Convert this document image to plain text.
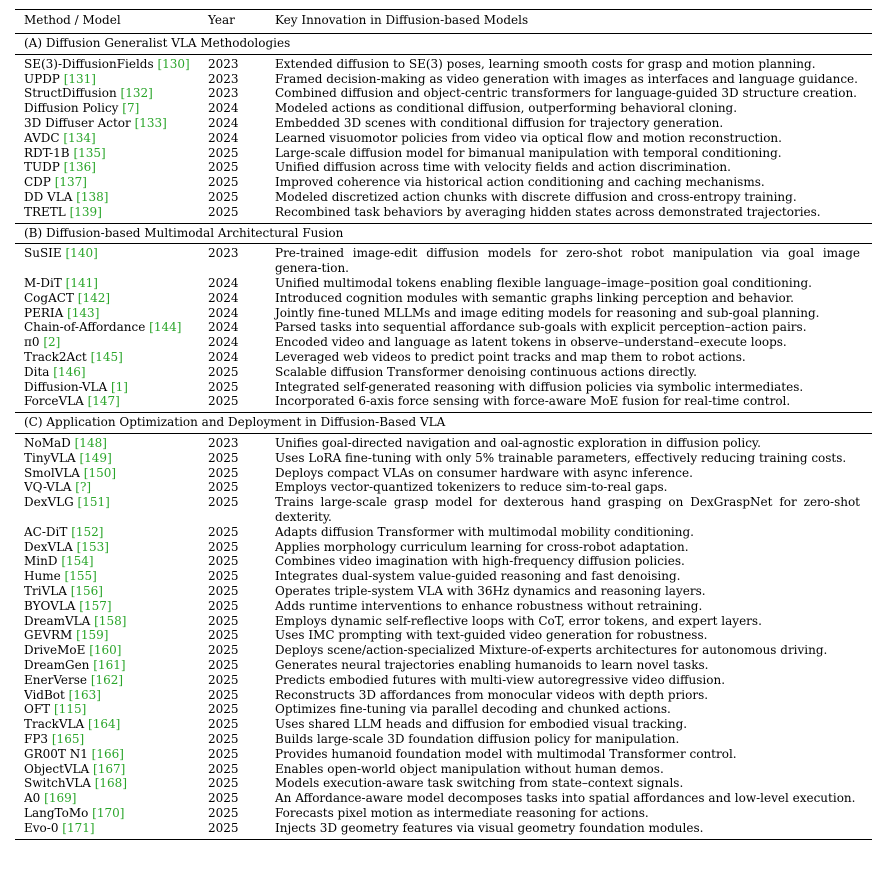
Method / Model	Year	Key Innovation in Diffusion-based Models
(A) Diffusion Generalist VLA Methodologies
SE(3)-DiffusionFields [130]	2023	Extended diffusion to SE(3) poses, learning smooth costs for grasp and motion planning.
UPDP [131]	2023	Framed decision-making as video generation with images as interfaces and language guidance.
StructDiffusion [132]	2023	Combined diffusion and object-centric transformers for language-guided 3D structure creation.
Diffusion Policy [7]	2024	Modeled actions as conditional diffusion, outperforming behavioral cloning.
3D Diffuser Actor [133]	2024	Embedded 3D scenes with conditional diffusion for trajectory generation.
AVDC [134]	2024	Learned visuomotor policies from video via optical flow and motion reconstruction.
RDT-1B [135]	2025	Large-scale diffusion model for bimanual manipulation with temporal conditioning.
TUDP [136]	2025	Unified diffusion across time with velocity fields and action discrimination.
CDP [137]	2025	Improved coherence via historical action conditioning and caching mechanisms.
DD VLA [138]	2025	Modeled discretized action chunks with discrete diffusion and cross-entropy training.
TRETL [139]	2025	Recombined task behaviors by averaging hidden states across demonstrated trajectories.
(B) Diffusion-based Multimodal Architectural Fusion
SuSIE [140]	2023	Pre-trained image-edit diffusion models for zero-shot robot manipulation via goal image genera-tion.
M-DiT [141]	2024	Unified multimodal tokens enabling flexible language–image–position goal conditioning.
CogACT [142]	2024	Introduced cognition modules with semantic graphs linking perception and behavior.
PERIA [143]	2024	Jointly fine-tuned MLLMs and image editing models for reasoning and sub-goal planning.
Chain-of-Affordance [144]	2024	Parsed tasks into sequential affordance sub-goals with explicit perception–action pairs.
π0 [2]	2024	Encoded video and language as latent tokens in observe–understand–execute loops.
Track2Act [145]	2024	Leveraged web videos to predict point tracks and map them to robot actions.
Dita [146]	2025	Scalable diffusion Transformer denoising continuous actions directly.
Diffusion-VLA [1]	2025	Integrated self-generated reasoning with diffusion policies via symbolic intermediates.
ForceVLA [147]	2025	Incorporated 6-axis force sensing with force-aware MoE fusion for real-time control.
(C) Application Optimization and Deployment in Diffusion-Based VLA
NoMaD [148]	2023	Unifies goal-directed navigation and oal-agnostic exploration in diffusion policy.
TinyVLA [149]	2025	Uses LoRA fine-tuning with only 5% trainable parameters, effectively reducing training costs.
SmolVLA [150]	2025	Deploys compact VLAs on consumer hardware with async inference.
VQ-VLA [?]	2025	Employs vector-quantized tokenizers to reduce sim-to-real gaps.
DexVLG [151]	2025	Trains large-scale grasp model for dexterous hand grasping on DexGraspNet for zero-shot dexterity.
AC-DiT [152]	2025	Adapts diffusion Transformer with multimodal mobility conditioning.
DexVLA [153]	2025	Applies morphology curriculum learning for cross-robot adaptation.
MinD [154]	2025	Combines video imagination with high-frequency diffusion policies.
Hume [155]	2025	Integrates dual-system value-guided reasoning and fast denoising.
TriVLA [156]	2025	Operates triple-system VLA with 36Hz dynamics and reasoning layers.
BYOVLA [157]	2025	Adds runtime interventions to enhance robustness without retraining.
DreamVLA [158]	2025	Employs dynamic self-reflective loops with CoT, error tokens, and expert layers.
GEVRM [159]	2025	Uses IMC prompting with text-guided video generation for robustness.
DriveMoE [160]	2025	Deploys scene/action-specialized Mixture-of-experts architectures for autonomous driving.
DreamGen [161]	2025	Generates neural trajectories enabling humanoids to learn novel tasks.
EnerVerse [162]	2025	Predicts embodied futures with multi-view autoregressive video diffusion.
VidBot [163]	2025	Reconstructs 3D affordances from monocular videos with depth priors.
OFT [115]	2025	Optimizes fine-tuning via parallel decoding and chunked actions.
TrackVLA [164]	2025	Uses shared LLM heads and diffusion for embodied visual tracking.
FP3 [165]	2025	Builds large-scale 3D foundation diffusion policy for manipulation.
GR00T N1 [166]	2025	Provides humanoid foundation model with multimodal Transformer control.
ObjectVLA [167]	2025	Enables open-world object manipulation without human demos.
SwitchVLA [168]	2025	Models execution-aware task switching from state–context signals.
A0 [169]	2025	An Affordance-aware model decomposes tasks into spatial affordances and low-level execution.
LangToMo [170]	2025	Forecasts pixel motion as intermediate reasoning for actions.
Evo-0 [171]	2025	Injects 3D geometry features via visual geometry foundation modules.
